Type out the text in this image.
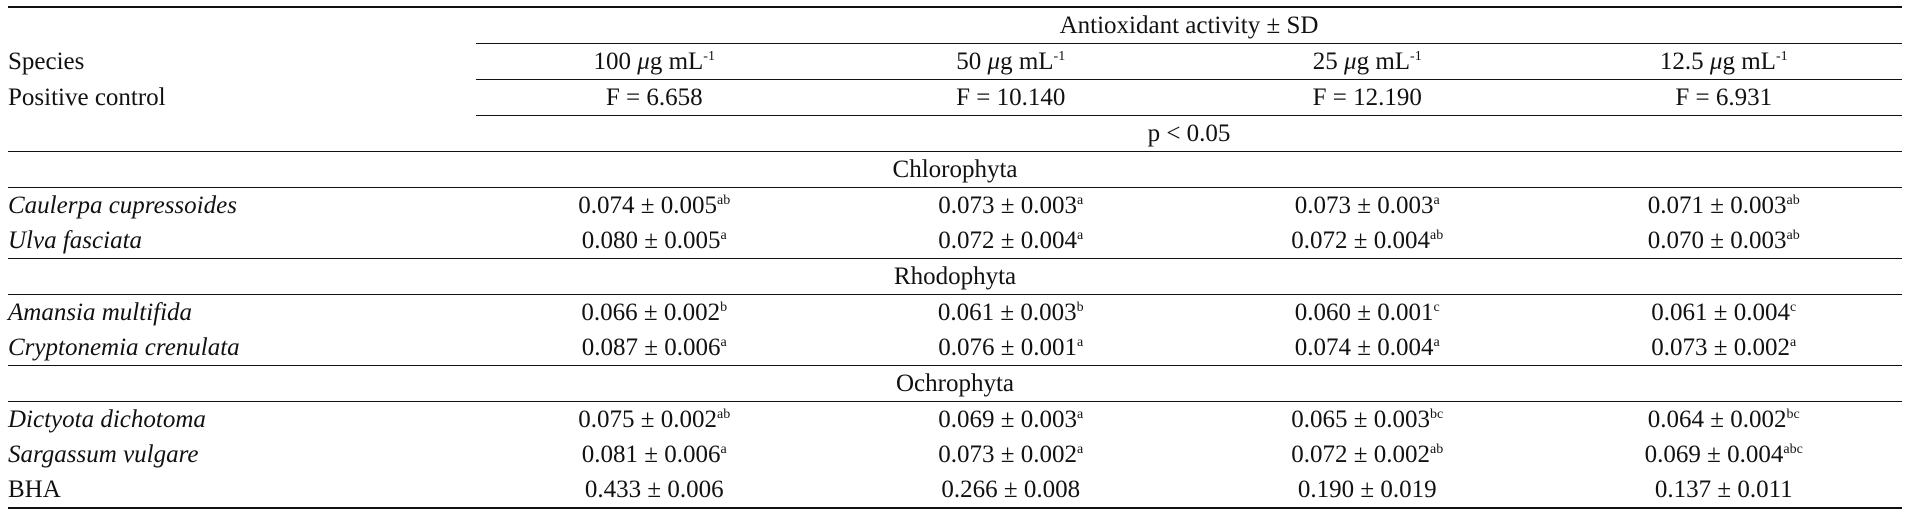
	Antioxidant activity ± SD			
Species	100 μg $mL^{-1}$	50 μg $mL^{-1}$	25 μg $mL^{-1}$	12.5 μg $mL^{-1}$
Positive control	F = 6.658	F = 10.140	F = 12.190	F = 6.931
	p < 0.05			
Chlorophyta				
Caulerpa cupressoides	0.074 ± 0.005$^{ab}$	0.073 ± 0.003$^a$	0.073 ± 0.003$^a$	0.071 ± 0.003$^{ab}$
Ulva fasciata	0.080 ± 0.005$^a$	0.072 ± 0.004$^a$	0.072 ± 0.004$^{ab}$	0.070 ± 0.003$^{ab}$
Rhodophyta				
Amansia multifida	0.066 ± 0.002$^b$	0.061 ± 0.003$^b$	0.060 ± 0.001$^c$	0.061 ± 0.004$^c$
Cryptonemia crenulata	0.087 ± 0.006$^a$	0.076 ± 0.001$^a$	0.074 ± 0.004$^a$	0.073 ± 0.002$^a$
Ochrophyta				
Dictyota dichotoma	0.075 ± 0.002$^{ab}$	0.069 ± 0.003$^a$	0.065 ± 0.003$^{bc}$	0.064 ± 0.002$^{bc}$
Sargassum vulgare	0.081 ± 0.006$^a$	0.073 ± 0.002$^a$	0.072 ± 0.002$^{ab}$	0.069 ± 0.004$^{abc}$
BHA	0.433 ± 0.006	0.266 ± 0.008	0.190 ± 0.019	0.137 ± 0.011
